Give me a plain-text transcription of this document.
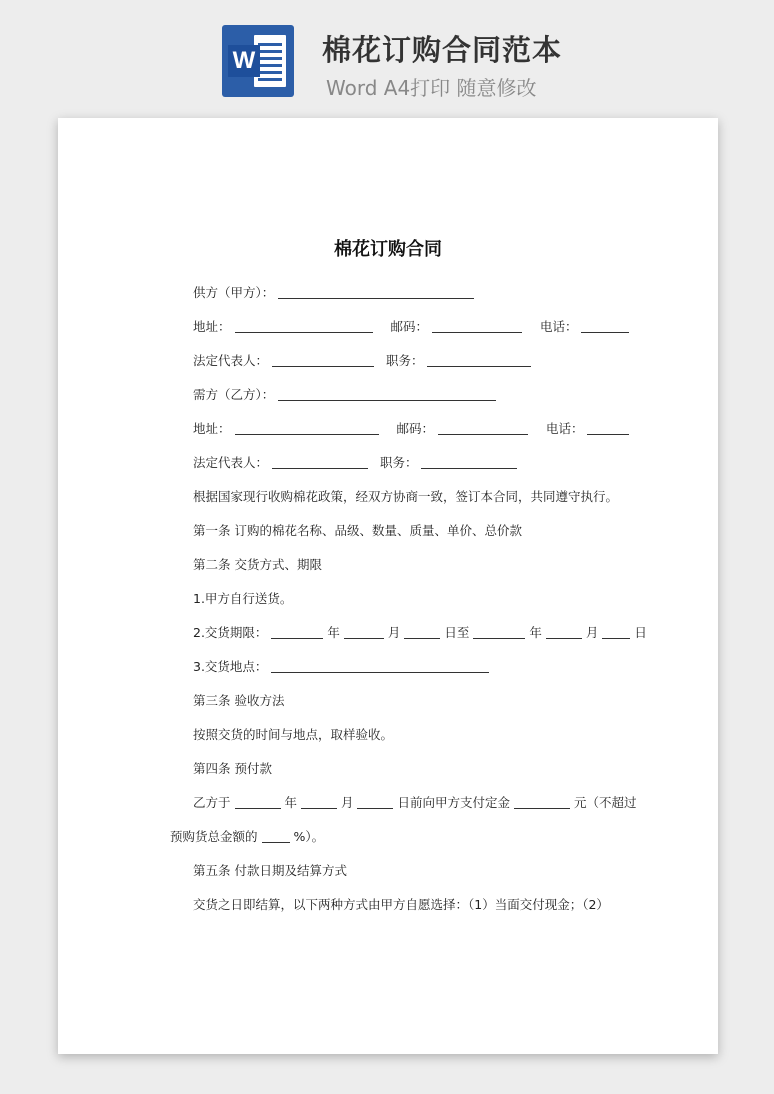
W 棉花订购合同范本
Word A4打印 随意修改
棉花订购合同
供方（甲方）：
地址：	邮码：	电话：
法定代表人：	职务：
需方（乙方）：
地址：	邮码：	电话：
法定代表人：	职务：
根据国家现行收购棉花政策，经双方协商一致，签订本合同，共同遵守执行。
第一条 订购的棉花名称、品级、数量、质量、单价、总价款
第二条 交货方式、期限
1.甲方自行送货。
2.交货期限：	年	月	日至	年	月	日
3.交货地点：
第三条 验收方法
按照交货的时间与地点，取样验收。
第四条 预付款
乙方于	年	月	日前向甲方支付定金	元（不超过
预购货总金额的	%）。
第五条 付款日期及结算方式
交货之日即结算，以下两种方式由甲方自愿选择：（1）当面交付现金；（2）
